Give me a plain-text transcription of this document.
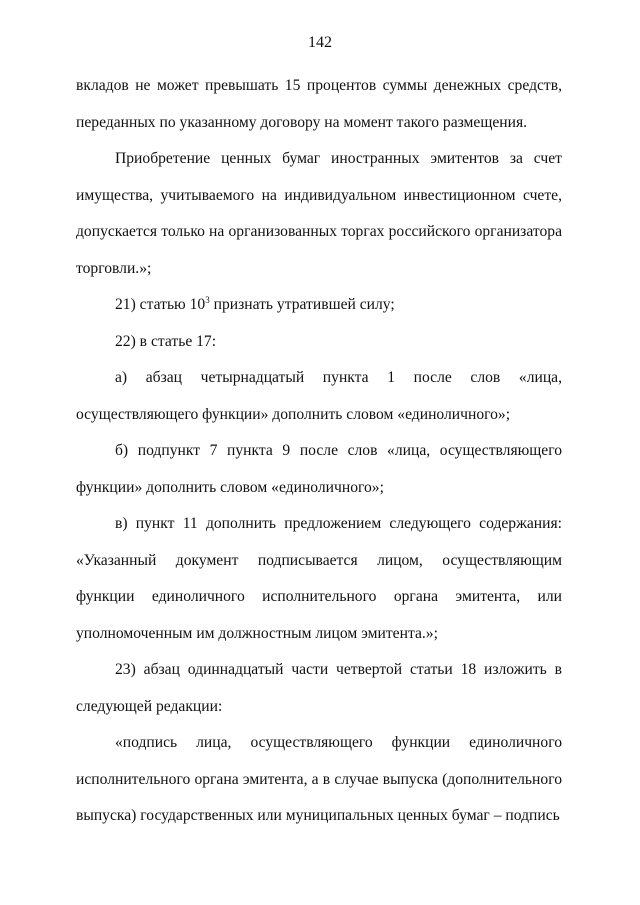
142

вкладов не может превышать 15 процентов суммы денежных средств, переданных по указанному договору на момент такого размещения.

Приобретение ценных бумаг иностранных эмитентов за счет имущества, учитываемого на индивидуальном инвестиционном счете, допускается только на организованных торгах российского организатора торговли.»;

21) статью $10^3$ признать утратившей силу;

22) в статье 17:

а) абзац четырнадцатый пункта 1 после слов «лица, осуществляющего функции» дополнить словом «единоличного»;

б) подпункт 7 пункта 9 после слов «лица, осуществляющего функции» дополнить словом «единоличного»;

в) пункт 11 дополнить предложением следующего содержания: «Указанный документ подписывается лицом, осуществляющим функции единоличного исполнительного органа эмитента, или уполномоченным им должностным лицом эмитента.»;

23) абзац одиннадцатый части четвертой статьи 18 изложить в следующей редакции:

«подпись лица, осуществляющего функции единоличного исполнительного органа эмитента, а в случае выпуска (дополнительного выпуска) государственных или муниципальных ценных бумаг – подпись
